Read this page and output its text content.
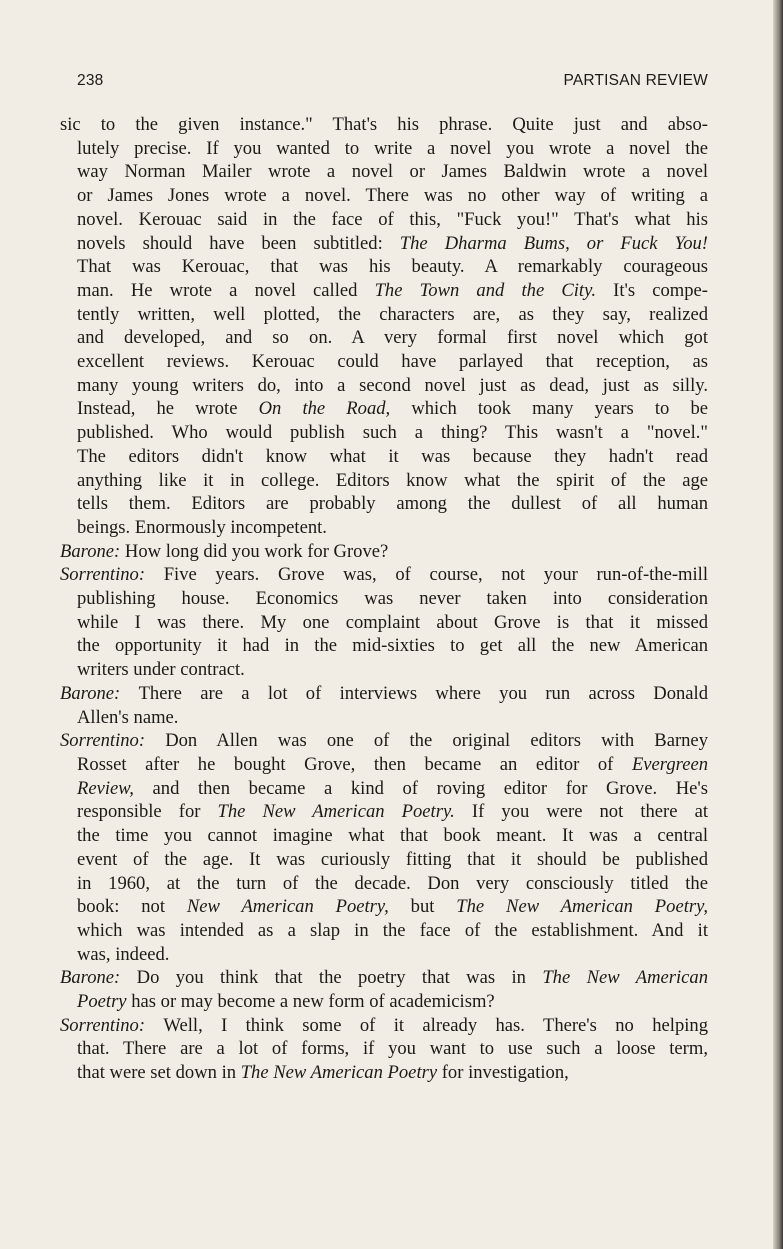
238	PARTISAN REVIEW
sic to the given instance." That's his phrase. Quite just and abso-
lutely precise. If you wanted to write a novel you wrote a novel the
way Norman Mailer wrote a novel or James Baldwin wrote a novel
or James Jones wrote a novel. There was no other way of writing a
novel. Kerouac said in the face of this, "Fuck you!" That's what his
novels should have been subtitled: The Dharma Bums, or Fuck You!
That was Kerouac, that was his beauty. A remarkably courageous
man. He wrote a novel called The Town and the City. It's compe-
tently written, well plotted, the characters are, as they say, realized
and developed, and so on. A very formal first novel which got
excellent reviews. Kerouac could have parlayed that reception, as
many young writers do, into a second novel just as dead, just as silly.
Instead, he wrote On the Road, which took many years to be
published. Who would publish such a thing? This wasn't a "novel."
The editors didn't know what it was because they hadn't read
anything like it in college. Editors know what the spirit of the age
tells them. Editors are probably among the dullest of all human
beings. Enormously incompetent.
Barone: How long did you work for Grove?
Sorrentino: Five years. Grove was, of course, not your run-of-the-mill
publishing house. Economics was never taken into consideration
while I was there. My one complaint about Grove is that it missed
the opportunity it had in the mid-sixties to get all the new American
writers under contract.
Barone: There are a lot of interviews where you run across Donald
Allen's name.
Sorrentino: Don Allen was one of the original editors with Barney
Rosset after he bought Grove, then became an editor of Evergreen
Review, and then became a kind of roving editor for Grove. He's
responsible for The New American Poetry. If you were not there at
the time you cannot imagine what that book meant. It was a central
event of the age. It was curiously fitting that it should be published
in 1960, at the turn of the decade. Don very consciously titled the
book: not New American Poetry, but The New American Poetry,
which was intended as a slap in the face of the establishment. And it
was, indeed.
Barone: Do you think that the poetry that was in The New American
Poetry has or may become a new form of academicism?
Sorrentino: Well, I think some of it already has. There's no helping
that. There are a lot of forms, if you want to use such a loose term,
that were set down in The New American Poetry for investigation,
